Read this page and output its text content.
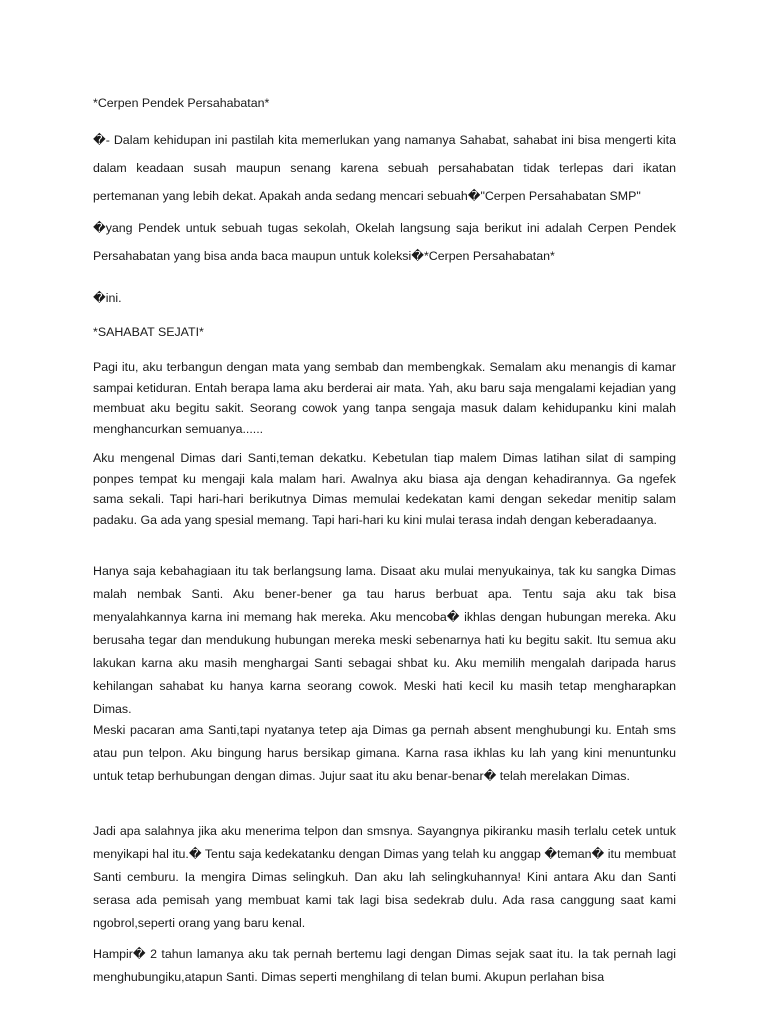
*Cerpen Pendek Persahabatan*

�- Dalam kehidupan ini pastilah kita memerlukan yang namanya Sahabat, sahabat ini bisa mengerti kita dalam keadaan susah maupun senang karena sebuah persahabatan tidak terlepas dari ikatan pertemanan yang lebih dekat. Apakah anda sedang mencari sebuah�"Cerpen Persahabatan SMP"

�yang Pendek untuk sebuah tugas sekolah, Okelah langsung saja berikut ini adalah Cerpen Pendek Persahabatan yang bisa anda baca maupun untuk koleksi�*Cerpen Persahabatan*

�ini.

*SAHABAT SEJATI*

Pagi itu, aku terbangun dengan mata yang sembab dan membengkak. Semalam aku menangis di kamar sampai ketiduran. Entah berapa lama aku berderai air mata. Yah, aku baru saja mengalami kejadian yang membuat aku begitu sakit. Seorang cowok yang tanpa sengaja masuk dalam kehidupanku kini malah menghancurkan semuanya......

Aku mengenal Dimas dari Santi,teman dekatku. Kebetulan tiap malem Dimas latihan silat di samping ponpes tempat ku mengaji kala malam hari. Awalnya aku biasa aja dengan kehadirannya. Ga ngefek sama sekali. Tapi hari-hari berikutnya Dimas memulai kedekatan kami dengan sekedar menitip salam padaku. Ga ada yang spesial memang. Tapi hari-hari ku kini mulai terasa indah dengan keberadaanya.

Hanya saja kebahagiaan itu tak berlangsung lama. Disaat aku mulai menyukainya, tak ku sangka Dimas malah nembak Santi. Aku bener-bener ga tau harus berbuat apa. Tentu saja aku tak bisa menyalahkannya karna ini memang hak mereka. Aku mencoba� ikhlas dengan hubungan mereka. Aku berusaha tegar dan mendukung hubungan mereka meski sebenarnya hati ku begitu sakit. Itu semua aku lakukan karna aku masih menghargai Santi sebagai shbat ku. Aku memilih mengalah daripada harus kehilangan sahabat ku hanya karna seorang cowok. Meski hati kecil ku masih tetap mengharapkan Dimas.

Meski pacaran ama Santi,tapi nyatanya tetep aja Dimas ga pernah absent menghubungi ku. Entah sms atau pun telpon. Aku bingung harus bersikap gimana. Karna rasa ikhlas ku lah yang kini menuntunku untuk tetap berhubungan dengan dimas. Jujur saat itu aku benar-benar� telah merelakan Dimas.

Jadi apa salahnya jika aku menerima telpon dan smsnya. Sayangnya pikiranku masih terlalu cetek untuk menyikapi hal itu.� Tentu saja kedekatanku dengan Dimas yang telah ku anggap �teman� itu membuat Santi cemburu. Ia mengira Dimas selingkuh. Dan aku lah selingkuhannya! Kini antara Aku dan Santi serasa ada pemisah yang membuat kami tak lagi bisa sedekrab dulu. Ada rasa canggung saat kami ngobrol,seperti orang yang baru kenal.

Hampir� 2 tahun lamanya aku tak pernah bertemu lagi dengan Dimas sejak saat itu. Ia tak pernah lagi menghubungiku,atapun Santi. Dimas seperti menghilang di telan bumi. Akupun perlahan bisa
